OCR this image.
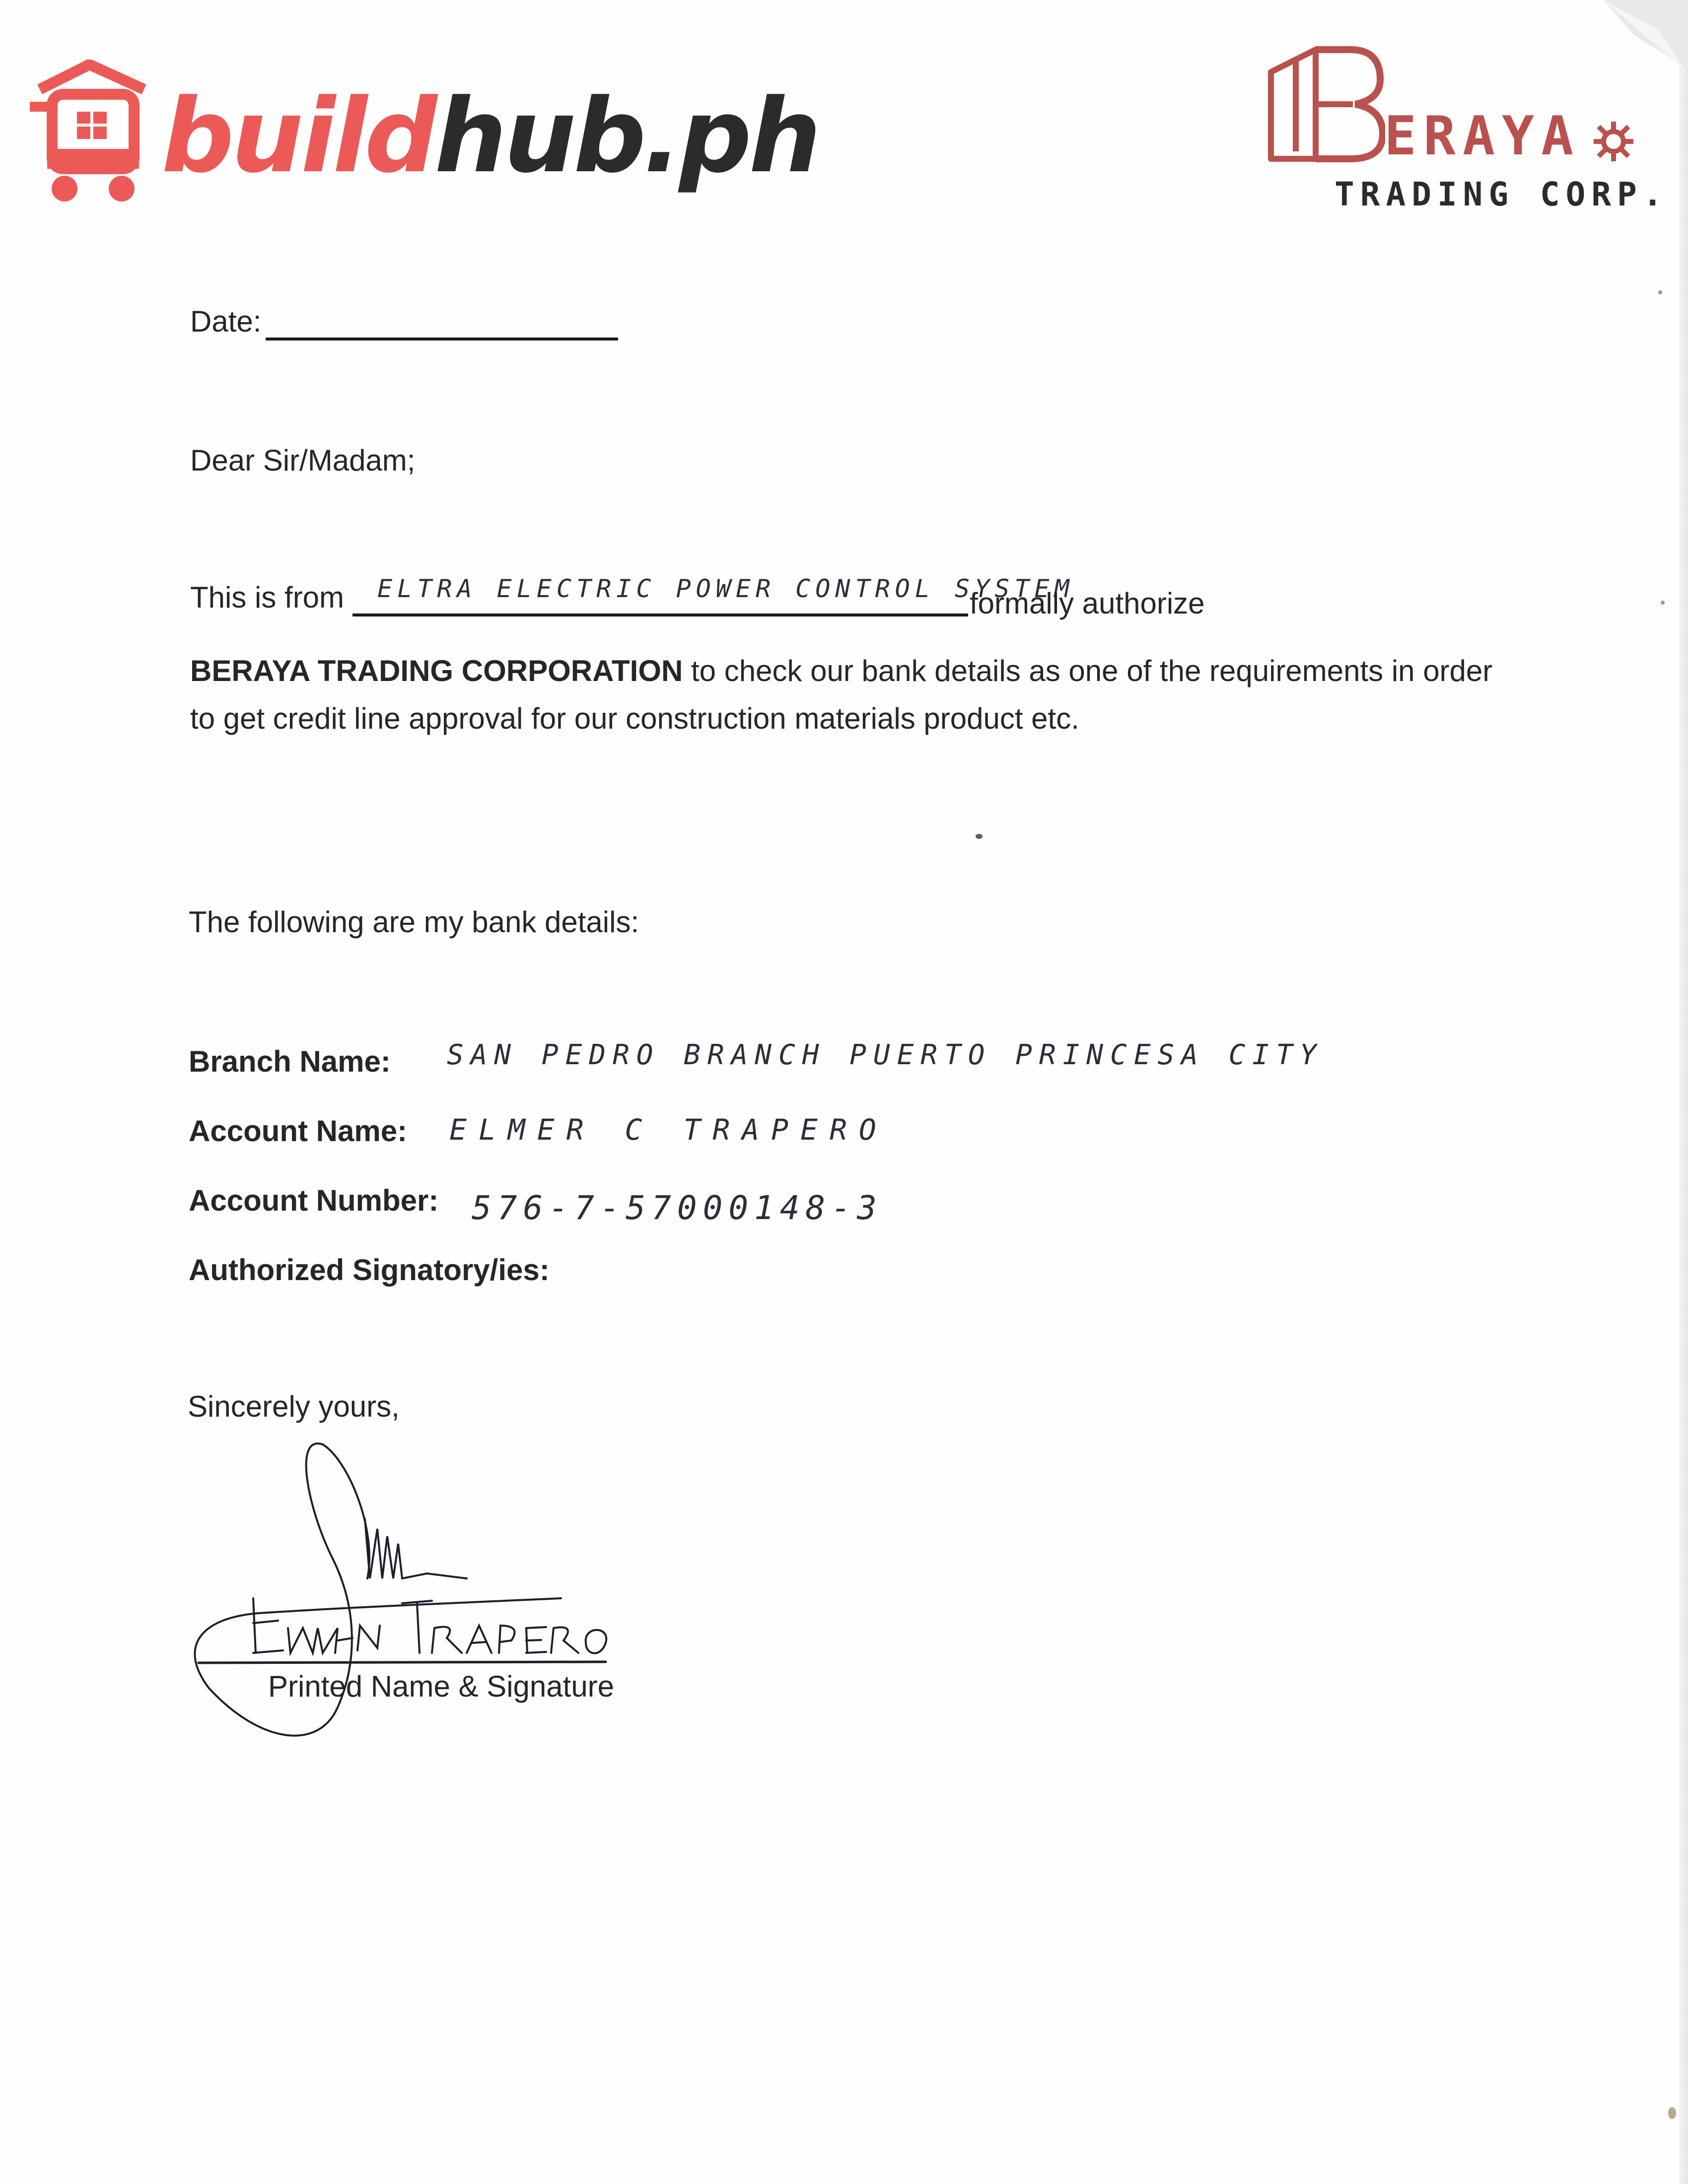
buildhub.ph	ERAYA
TRADING CORP.
Date:
Dear Sir/Madam;
This is from ELTRA ELECTRIC POWER CONTROL SYSTEM
formally authorize
BERAYA TRADING CORPORATION to check our bank details as one of the requirements in order
to get credit line approval for our construction materials product etc.
The following are my bank details:
Branch Name: SAN PEDRO BRANCH PUERTO PRINCESA CITY
Account Name: ELMER C TRAPERO
Account Number: 576-7-57000148-3
Authorized Signatory/ies:
Sincerely yours,
Printed Name & Signature
